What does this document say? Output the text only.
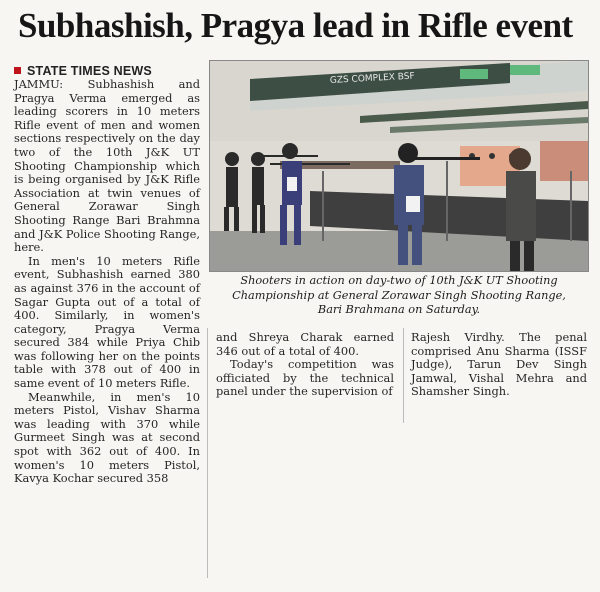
Subhashish, Pragya lead in Rifle event
STATE TIMES NEWS

JAMMU: Subhashish and Pragya Verma emerged as leading scorers in 10 meters Rifle event of men and women sections respectively on the day two of the 10th J&K UT Shooting Championship which is being organised by J&K Rifle Association at twin venues of General Zorawar Singh Shooting Range Bari Brahmna and J&K Police Shooting Range, here.

In men's 10 meters Rifle event, Subhashish earned 380 as against 376 in the account of Sagar Gupta out of a total of 400. Similarly, in women's category, Pragya Verma secured 384 while Priya Chib was following her on the points table with 378 out of 400 in same event of 10 meters Rifle.

Meanwhile, in men's 10 meters Pistol, Vishav Sharma was leading with 370 while Gurmeet Singh was at second spot with 362 out of 400. In women's 10 meters Pistol, Kavya Kochar secured 358

GZS COMPLEX BSF
Shooters in action on day-two of 10th J&K UT Shooting
Championship at General Zorawar Singh Shooting Range,
Bari Brahmana on Saturday.

and Shreya Charak earned 346 out of a total of 400.

Today's competition was officiated by the technical panel under the supervision of

Rajesh Virdhy. The penal comprised Anu Sharma (ISSF Judge), Tarun Dev Singh Jamwal, Vishal Mehra and Shamsher Singh.
